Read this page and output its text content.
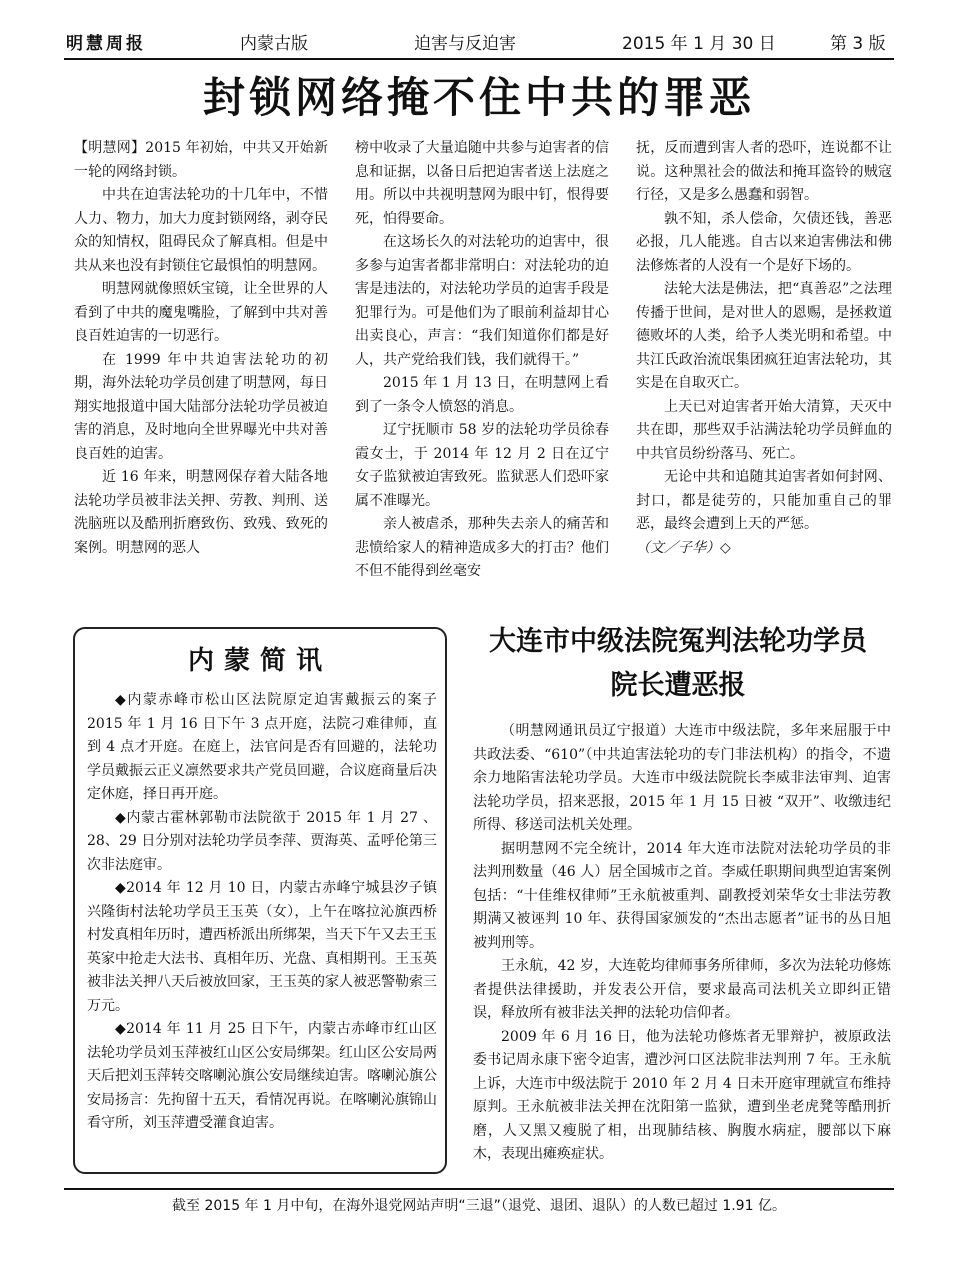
明慧周报	内蒙古版	迫害与反迫害	2015 年 1 月 30 日	第 3 版
封锁网络掩不住中共的罪恶

【明慧网】2015 年初始，中共又开始新一轮的网络封锁。

中共在迫害法轮功的十几年中，不惜人力、物力，加大力度封锁网络，剥夺民众的知情权，阻碍民众了解真相。但是中共从来也没有封锁住它最惧怕的明慧网。

明慧网就像照妖宝镜，让全世界的人看到了中共的魔鬼嘴脸，了解到中共对善良百姓迫害的一切恶行。

在 1999 年中共迫害法轮功的初期，海外法轮功学员创建了明慧网，每日翔实地报道中国大陆部分法轮功学员被迫害的消息，及时地向全世界曝光中共对善良百姓的迫害。

近 16 年来，明慧网保存着大陆各地法轮功学员被非法关押、劳教、判刑、送洗脑班以及酷刑折磨致伤、致残、致死的案例。明慧网的恶人

榜中收录了大量追随中共参与迫害者的信息和证据，以备日后把迫害者送上法庭之用。所以中共视明慧网为眼中钉，恨得要死，怕得要命。

在这场长久的对法轮功的迫害中，很多参与迫害者都非常明白：对法轮功的迫害是违法的，对法轮功学员的迫害手段是犯罪行为。可是他们为了眼前利益却甘心出卖良心，声言：“我们知道你们都是好人，共产党给我们钱，我们就得干。”

2015 年 1 月 13 日，在明慧网上看到了一条令人愤怒的消息。

辽宁抚顺市 58 岁的法轮功学员徐春霞女士，于 2014 年 12 月 2 日在辽宁女子监狱被迫害致死。监狱恶人们恐吓家属不准曝光。

亲人被虐杀，那种失去亲人的痛苦和悲愤给家人的精神造成多大的打击？他们不但不能得到丝毫安

抚，反而遭到害人者的恐吓，连说都不让说。这种黑社会的做法和掩耳盗铃的贼寇行径，又是多么愚蠢和弱智。

孰不知，杀人偿命，欠债还钱，善恶必报，几人能逃。自古以来迫害佛法和佛法修炼者的人没有一个是好下场的。

法轮大法是佛法，把“真善忍”之法理传播于世间，是对世人的恩赐，是拯救道德败坏的人类，给予人类光明和希望。中共江氏政治流氓集团疯狂迫害法轮功，其实是在自取灭亡。

上天已对迫害者开始大清算，天灭中共在即，那些双手沾满法轮功学员鲜血的中共官员纷纷落马、死亡。

无论中共和追随其迫害者如何封网、封口，都是徒劳的，只能加重自己的罪恶，最终会遭到上天的严惩。

（文／子华）◇

内蒙简讯

◆内蒙赤峰市松山区法院原定迫害戴振云的案子 2015 年 1 月 16 日下午 3 点开庭，法院刁难律师，直到 4 点才开庭。在庭上，法官问是否有回避的，法轮功学员戴振云正义凛然要求共产党员回避，合议庭商量后决定休庭，择日再开庭。

◆内蒙古霍林郭勒市法院欲于 2015 年 1 月 27 、28、29 日分别对法轮功学员李萍、贾海英、孟呼伦第三次非法庭审。

◆2014 年 12 月 10 日，内蒙古赤峰宁城县汐子镇兴隆街村法轮功学员王玉英（女），上午在喀拉沁旗西桥村发真相年历时，遭西桥派出所绑架，当天下午又去王玉英家中抢走大法书、真相年历、光盘、真相期刊。王玉英被非法关押八天后被放回家，王玉英的家人被恶警勒索三万元。

◆2014 年 11 月 25 日下午，内蒙古赤峰市红山区法轮功学员刘玉萍被红山区公安局绑架。红山区公安局两天后把刘玉萍转交喀喇沁旗公安局继续迫害。喀喇沁旗公安局扬言：先拘留十五天，看情况再说。在喀喇沁旗锦山看守所，刘玉萍遭受灌食迫害。

大连市中级法院冤判法轮功学员
院长遭恶报

（明慧网通讯员辽宁报道）大连市中级法院，多年来屈服于中共政法委、“610”（中共迫害法轮功的专门非法机构）的指令，不遗余力地陷害法轮功学员。大连市中级法院院长李威非法审判、迫害法轮功学员，招来恶报，2015 年 1 月 15 日被 “双开”、收缴违纪所得、移送司法机关处理。

据明慧网不完全统计，2014 年大连市法院对法轮功学员的非法判刑数量（46 人）居全国城市之首。李威任职期间典型迫害案例包括：“十佳维权律师”王永航被重判、副教授刘荣华女士非法劳教期满又被诬判 10 年、获得国家颁发的“杰出志愿者”证书的丛日旭被判刑等。

王永航，42 岁，大连乾均律师事务所律师，多次为法轮功修炼者提供法律援助，并发表公开信，要求最高司法机关立即纠正错误，释放所有被非法关押的法轮功信仰者。

2009 年 6 月 16 日，他为法轮功修炼者无罪辩护，被原政法委书记周永康下密令迫害，遭沙河口区法院非法判刑 7 年。王永航上诉，大连市中级法院于 2010 年 2 月 4 日未开庭审理就宣布维持原判。王永航被非法关押在沈阳第一监狱，遭到坐老虎凳等酷刑折磨，人又黑又瘦脱了相，出现肺结核、胸腹水病症，腰部以下麻木，表现出瘫痪症状。

截至 2015 年 1 月中旬，在海外退党网站声明“三退”（退党、退团、退队）的人数已超过 1.91 亿。
